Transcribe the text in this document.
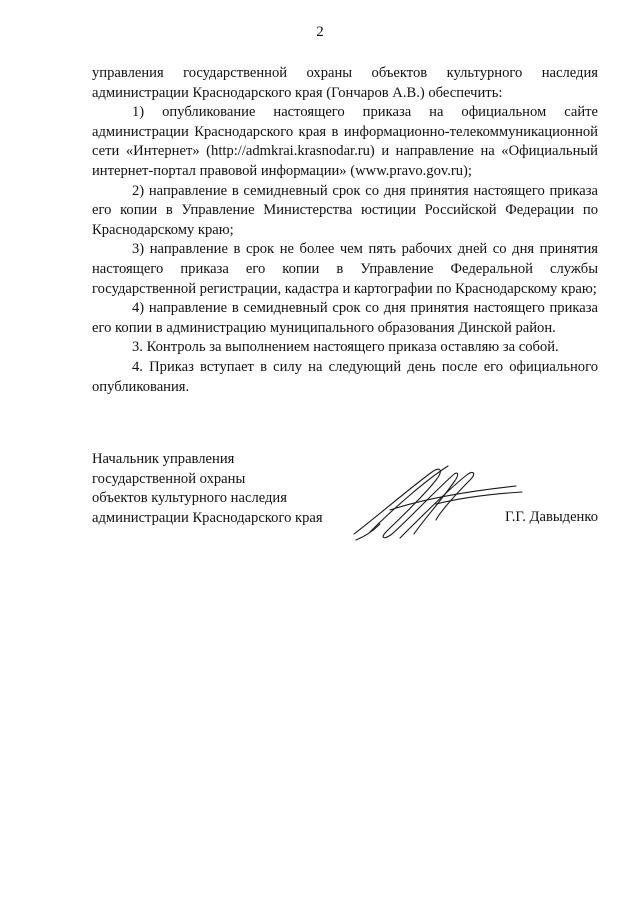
2

управления государственной охраны объектов культурного наследия администрации Краснодарского края (Гончаров А.В.) обеспечить:

1) опубликование настоящего приказа на официальном сайте администрации Краснодарского края в информационно-телекоммуникационной сети «Интернет» (http://admkrai.krasnodar.ru) и направление на «Официальный интернет-портал правовой информации» (www.pravo.gov.ru);

2) направление в семидневный срок со дня принятия настоящего приказа его копии в Управление Министерства юстиции Российской Федерации по Краснодарскому краю;

3) направление в срок не более чем пять рабочих дней со дня принятия настоящего приказа его копии в Управление Федеральной службы государственной регистрации, кадастра и картографии по Краснодарскому краю;

4) направление в семидневный срок со дня принятия настоящего приказа его копии в администрацию муниципального образования Динской район.

3. Контроль за выполнением настоящего приказа оставляю за собой.

4. Приказ вступает в силу на следующий день после его официального опубликования.

Начальник управления
государственной охраны
объектов культурного наследия
администрации Краснодарского края	Г.Г. Давыденко
